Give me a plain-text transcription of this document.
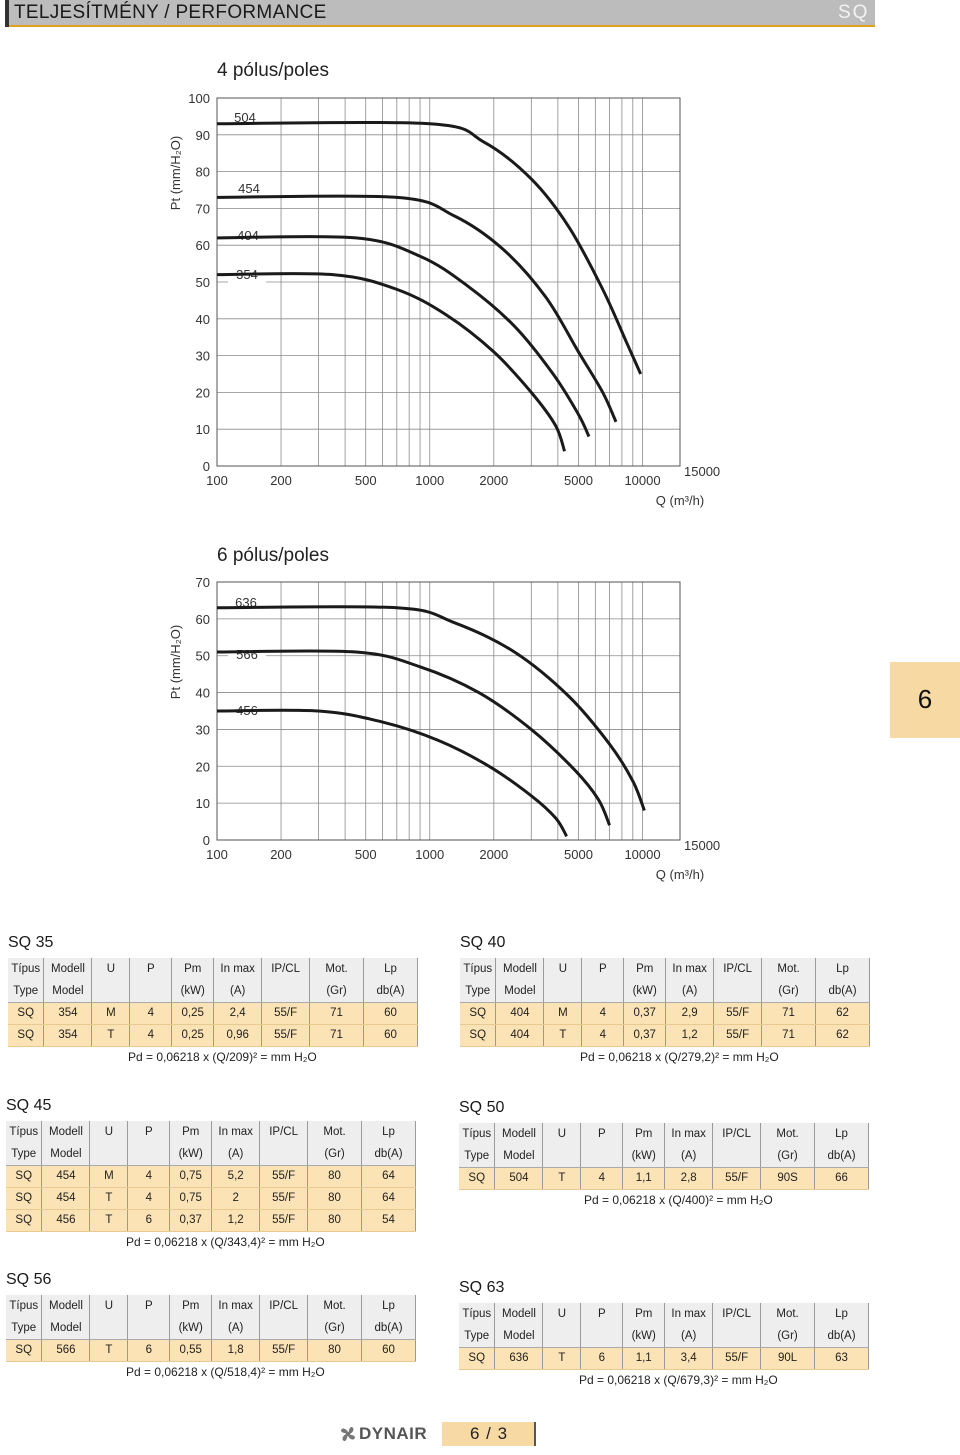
TELJESÍTMÉNY / PERFORMANCE	SQ
4 pólus/poles
Pt (mm/H₂O)
0
10
20
30
40
50
60
70
80
90
100
100	200	500	1000	2000	5000 10000
15000
Q (m³/h)
504
454
404
354
6 pólus/poles
Pt (mm/H₂O)
0
10
20
30
40
50
60
70
100	200	500	1000	2000	5000 10000
15000
Q (m³/h)
636
566
456	6
SQ 35
Típus	Modell	U	P	Pm	In max	IP/CL	Mot.	Lp
Type	Model			(kW)	(A)		(Gr)	db(A)
SQ	354	M	4	0,25	2,4	55/F	71	60
SQ	354	T	4	0,25	0,96	55/F	71	60
Pd = 0,06218 x (Q/209)² = mm H₂O
SQ 40
Típus	Modell	U	P	Pm	In max	IP/CL	Mot.	Lp
Type	Model			(kW)	(A)		(Gr)	db(A)
SQ	404	M	4	0,37	2,9	55/F	71	62
SQ	404	T	4	0,37	1,2	55/F	71	62
Pd = 0,06218 x (Q/279,2)² = mm H₂O
SQ 45
Típus	Modell	U	P	Pm	In max	IP/CL	Mot.	Lp
Type	Model			(kW)	(A)		(Gr)	db(A)
SQ	454	M	4	0,75	5,2	55/F	80	64
SQ	454	T	4	0,75	2	55/F	80	64
SQ	456	T	6	0,37	1,2	55/F	80	54
Pd = 0,06218 x (Q/343,4)² = mm H₂O
SQ 50
Típus	Modell	U	P	Pm	In max	IP/CL	Mot.	Lp
Type	Model			(kW)	(A)		(Gr)	db(A)
SQ	504	T	4	1,1	2,8	55/F	90S	66
Pd = 0,06218 x (Q/400)² = mm H₂O
SQ 56
Típus	Modell	U	P	Pm	In max	IP/CL	Mot.	Lp
Type	Model			(kW)	(A)		(Gr)	db(A)
SQ	566	T	6	0,55	1,8	55/F	80	60
Pd = 0,06218 x (Q/518,4)² = mm H₂O
SQ 63
Típus	Modell	U	P	Pm	In max	IP/CL	Mot.	Lp
Type	Model			(kW)	(A)		(Gr)	db(A)
SQ	636	T	6	1,1	3,4	55/F	90L	63
Pd = 0,06218 x (Q/679,3)² = mm H₂O
DYNAIR	6 / 3
